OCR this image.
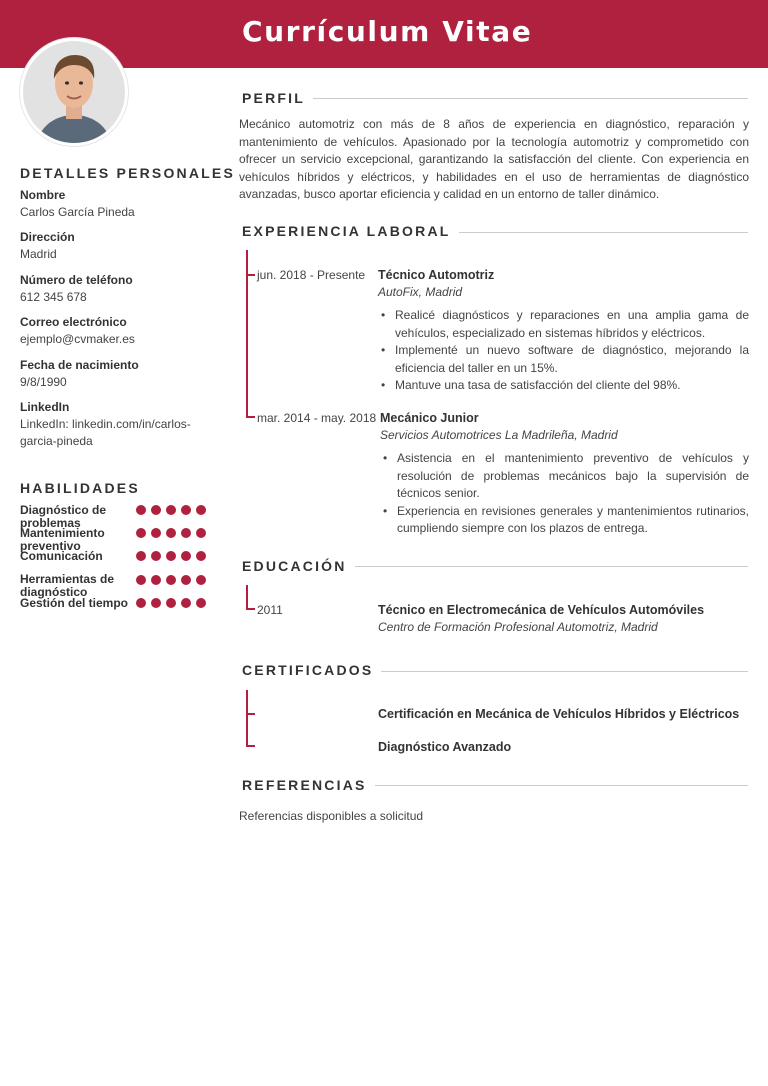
Currículum Vitae
DETALLES PERSONALES
Nombre
Carlos García Pineda
Dirección
Madrid
Número de teléfono
612 345 678
Correo electrónico
ejemplo@cvmaker.es
Fecha de nacimiento
9/8/1990
LinkedIn
LinkedIn: linkedin.com/in/carlos-garcia-pineda
HABILIDADES
Diagnóstico de problemas
Mantenimiento preventivo
Comunicación
Herramientas de diagnóstico
Gestión del tiempo
PERFIL
Mecánico automotriz con más de 8 años de experiencia en diagnóstico, reparación y mantenimiento de vehículos. Apasionado por la tecnología automotriz y comprometido con ofrecer un servicio excepcional, garantizando la satisfacción del cliente. Con experiencia en vehículos híbridos y eléctricos, y habilidades en el uso de herramientas de diagnóstico avanzadas, busco aportar eficiencia y calidad en un entorno de taller dinámico.
EXPERIENCIA LABORAL
jun. 2018 - Presente Técnico Automotriz
AutoFix, Madrid
• Realicé diagnósticos y reparaciones en una amplia gama de vehículos, especializado en sistemas híbridos y eléctricos.
• Implementé un nuevo software de diagnóstico, mejorando la eficiencia del taller en un 15%.
• Mantuve una tasa de satisfacción del cliente del 98%.
mar. 2014 - may. 2018 Mecánico Junior
Servicios Automotrices La Madrileña, Madrid
• Asistencia en el mantenimiento preventivo de vehículos y resolución de problemas mecánicos bajo la supervisión de técnicos senior.
• Experiencia en revisiones generales y mantenimientos rutinarios, cumpliendo siempre con los plazos de entrega.
EDUCACIÓN
2011	Técnico en Electromecánica de Vehículos Automóviles
Centro de Formación Profesional Automotriz, Madrid
CERTIFICADOS
Certificación en Mecánica de Vehículos Híbridos y Eléctricos
Diagnóstico Avanzado
REFERENCIAS
Referencias disponibles a solicitud
